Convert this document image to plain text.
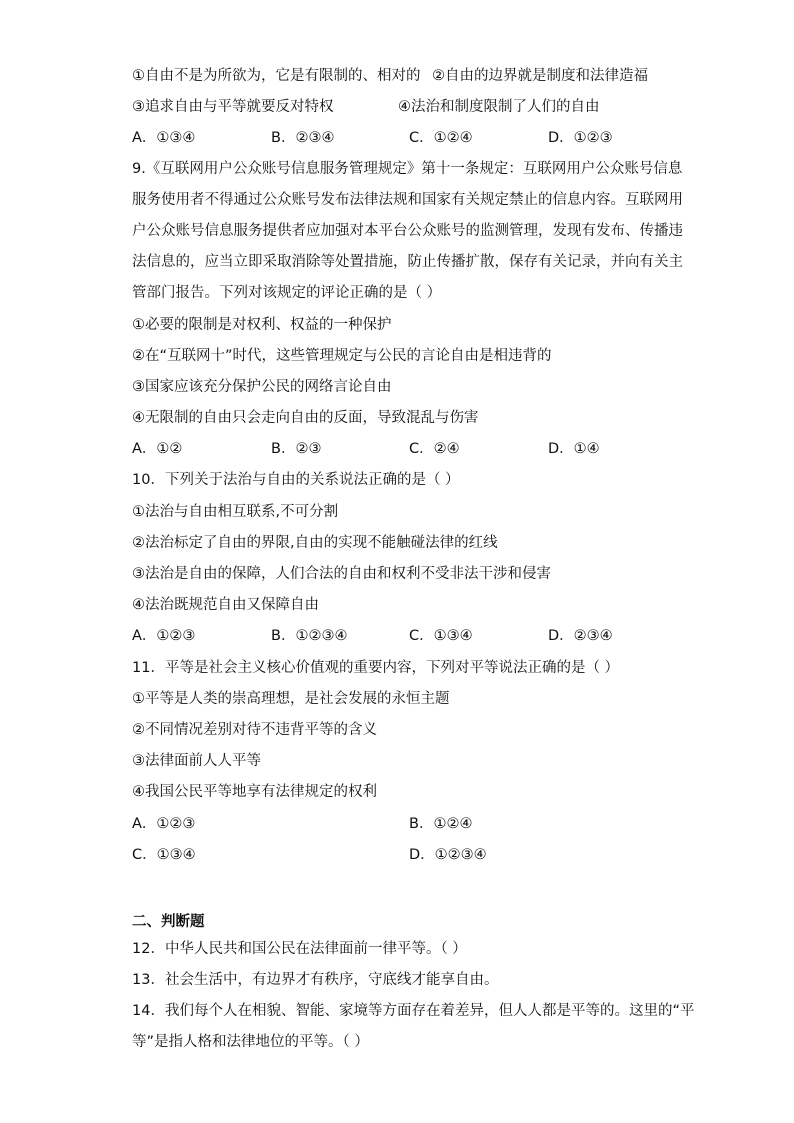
①自由不是为所欲为，它是有限制的、相对的 ②自由的边界就是制度和法律造福
③追求自由与平等就要反对特权	④法治和制度限制了人们的自由
A．①③④	B．②③④	C．①②④	D．①②③
9.《互联网用户公众账号信息服务管理规定》第十一条规定：互联网用户公众账号信息
服务使用者不得通过公众账号发布法律法规和国家有关规定禁止的信息内容。互联网用
户公众账号信息服务提供者应加强对本平台公众账号的监测管理，发现有发布、传播违
法信息的，应当立即采取消除等处置措施，防止传播扩散，保存有关记录，并向有关主
管部门报告。下列对该规定的评论正确的是（ ）
①必要的限制是对权利、权益的一种保护
②在“互联网十”时代，这些管理规定与公民的言论自由是相违背的
③国家应该充分保护公民的网络言论自由
④无限制的自由只会走向自由的反面，导致混乱与伤害
A．①②	B．②③	C．②④	D．①④
10．下列关于法治与自由的关系说法正确的是（ ）
①法治与自由相互联系,不可分割
②法治标定了自由的界限,自由的实现不能触碰法律的红线
③法治是自由的保障，人们合法的自由和权利不受非法干涉和侵害
④法治既规范自由又保障自由
A．①②③	B．①②③④	C．①③④	D．②③④
11．平等是社会主义核心价值观的重要内容，下列对平等说法正确的是（ ）
①平等是人类的崇高理想，是社会发展的永恒主题
②不同情况差别对待不违背平等的含义
③法律面前人人平等
④我国公民平等地享有法律规定的权利
A．①②③	B．①②④
C．①③④	D．①②③④
二、判断题
12．中华人民共和国公民在法律面前一律平等。（ ）
13．社会生活中，有边界才有秩序，守底线才能享自由。
14．我们每个人在相貌、智能、家境等方面存在着差异，但人人都是平等的。这里的“平
等”是指人格和法律地位的平等。（ ）
